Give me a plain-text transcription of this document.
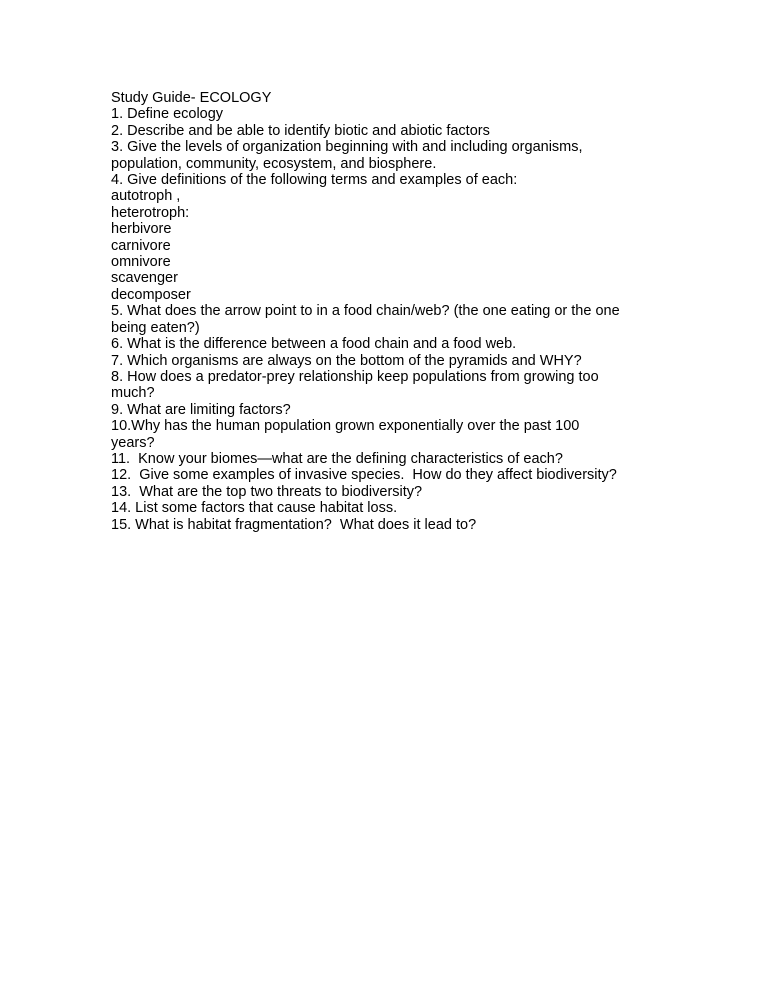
Study Guide- ECOLOGY
1. Define ecology
2. Describe and be able to identify biotic and abiotic factors
3. Give the levels of organization beginning with and including organisms,
population, community, ecosystem, and biosphere.
4. Give definitions of the following terms and examples of each:
autotroph ,
heterotroph:
herbivore
carnivore
omnivore
scavenger
decomposer
5. What does the arrow point to in a food chain/web? (the one eating or the one
being eaten?)
6. What is the difference between a food chain and a food web.
7. Which organisms are always on the bottom of the pyramids and WHY?
8. How does a predator-prey relationship keep populations from growing too
much?
9. What are limiting factors?
10.Why has the human population grown exponentially over the past 100
years?
11.  Know your biomes—what are the defining characteristics of each?
12.  Give some examples of invasive species.  How do they affect biodiversity?
13.  What are the top two threats to biodiversity?
14. List some factors that cause habitat loss.
15. What is habitat fragmentation?  What does it lead to?
